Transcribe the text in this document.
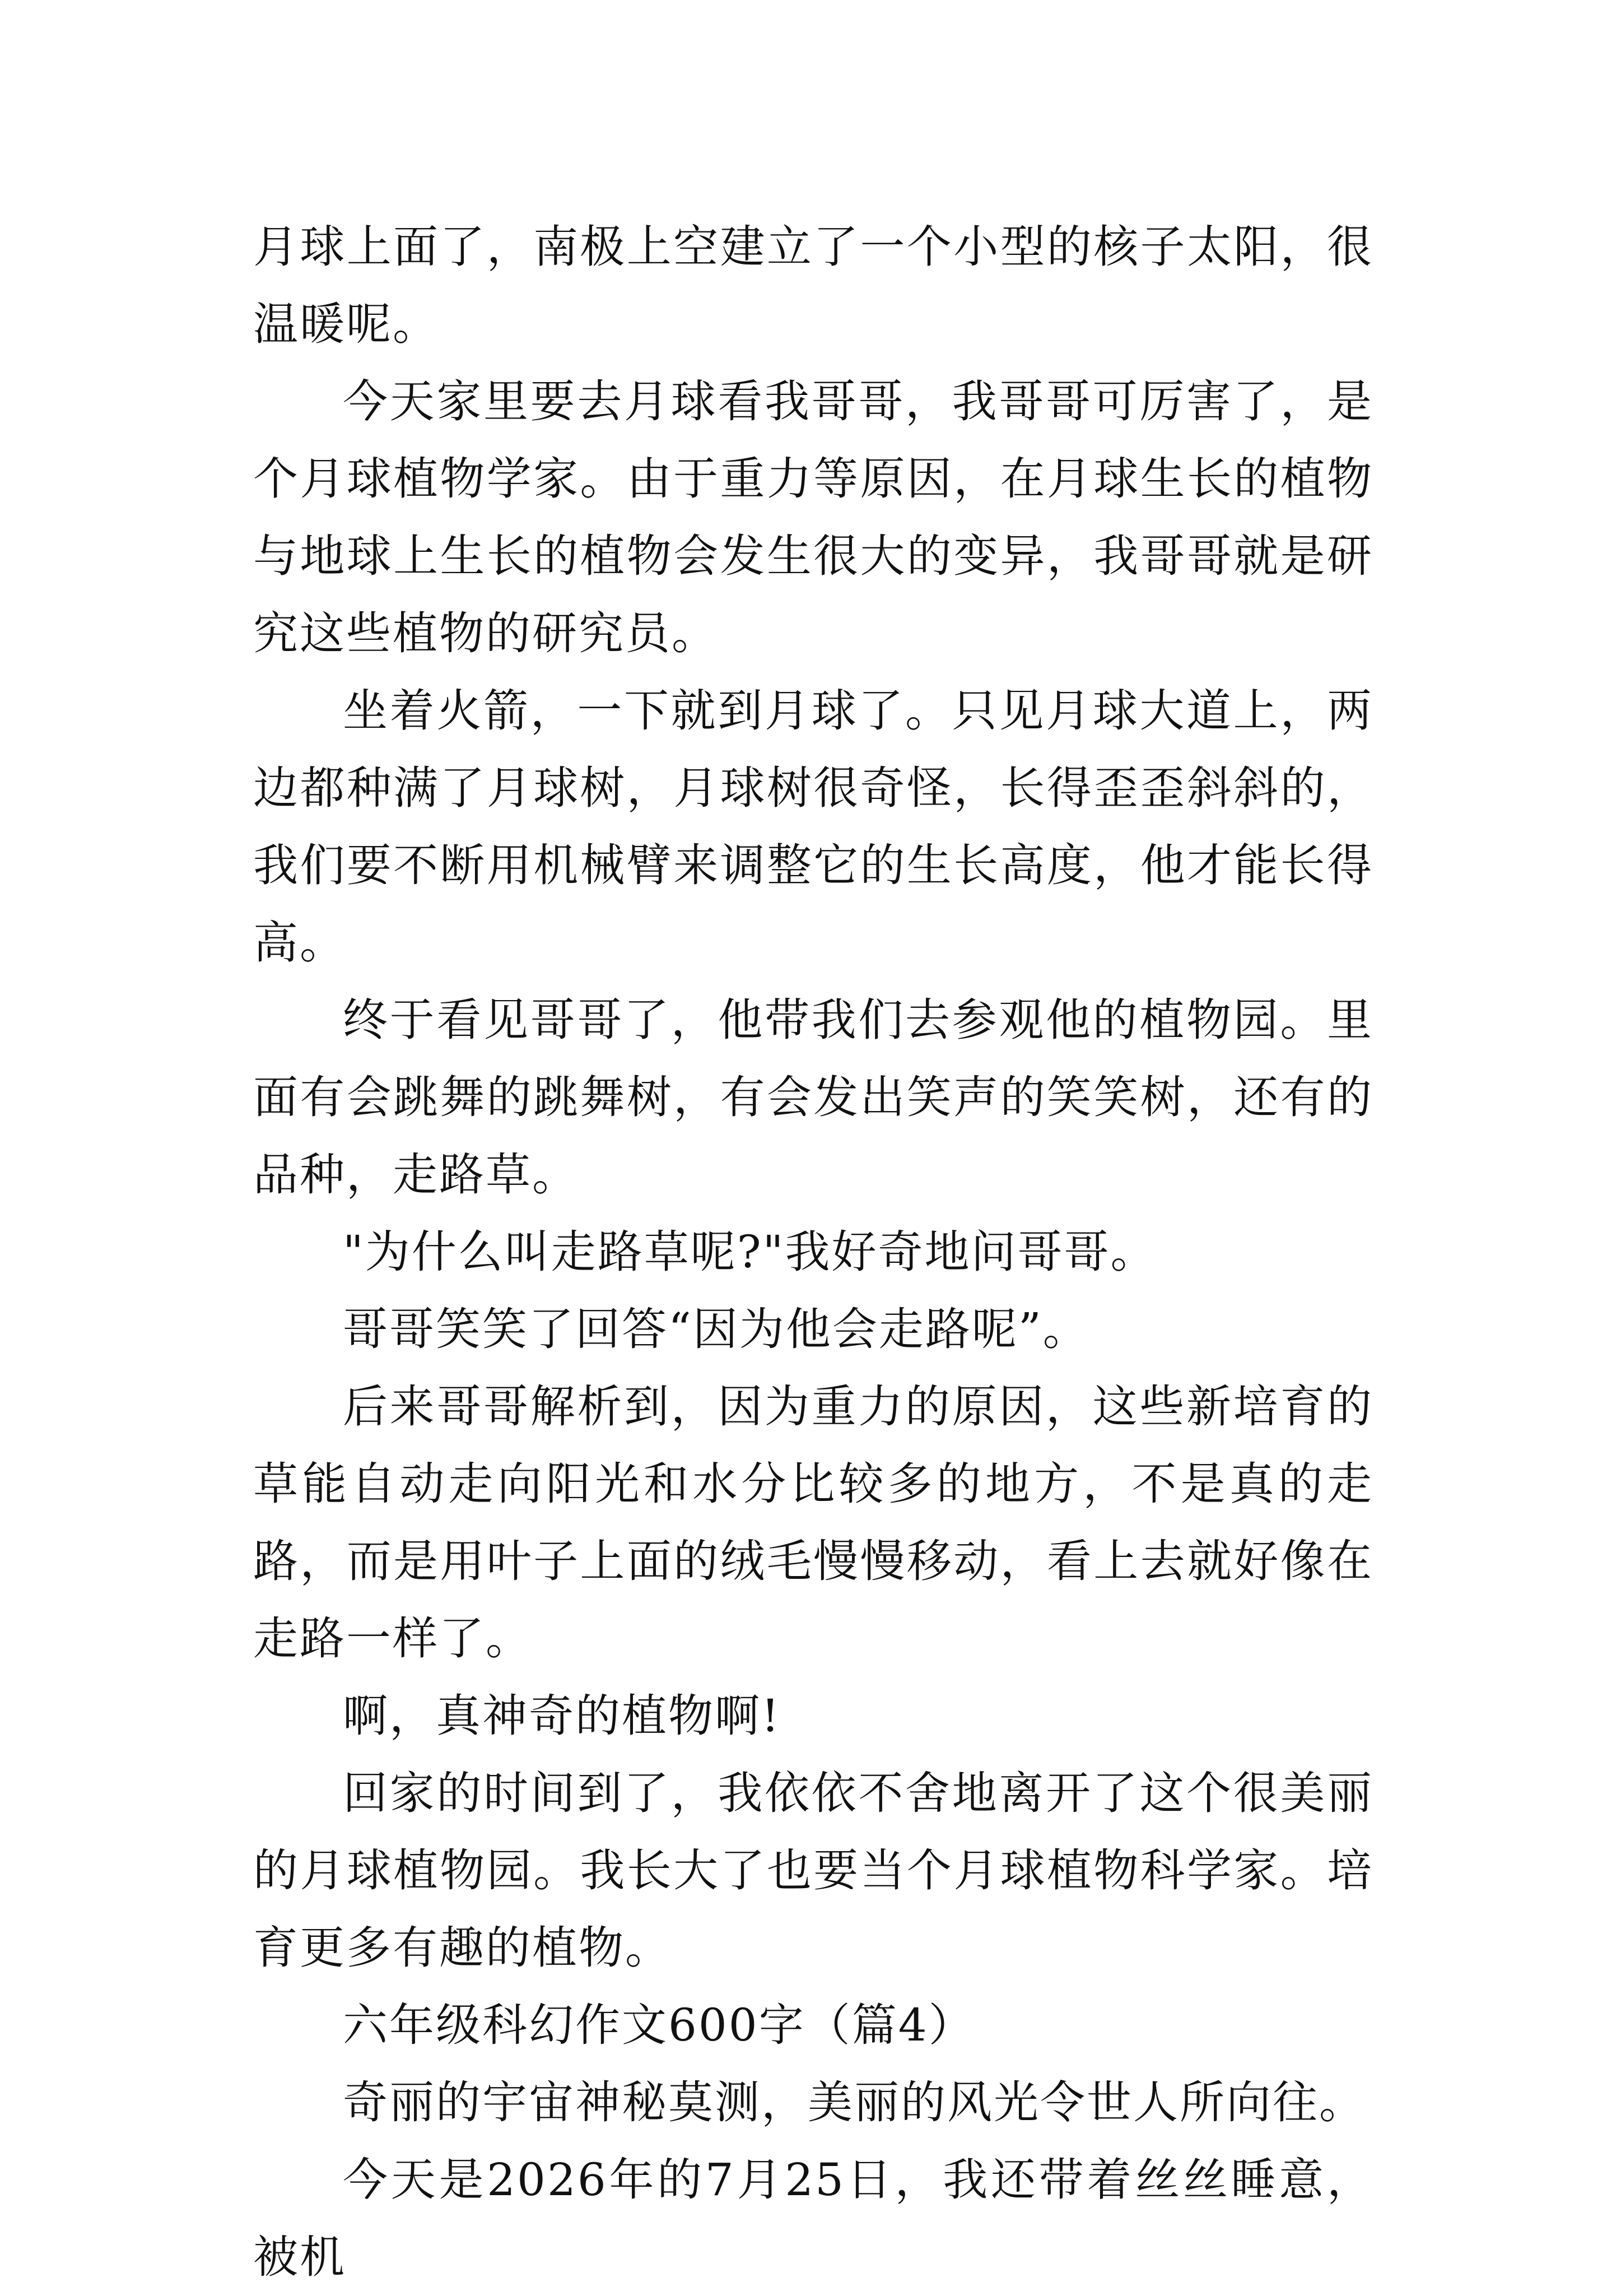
月球上面了，南极上空建立了一个小型的核子太阳，很温暖呢。

今天家里要去月球看我哥哥，我哥哥可厉害了，是个月球植物学家。由于重力等原因，在月球生长的植物与地球上生长的植物会发生很大的变异，我哥哥就是研究这些植物的研究员。

坐着火箭，一下就到月球了。只见月球大道上，两边都种满了月球树，月球树很奇怪，长得歪歪斜斜的，我们要不断用机械臂来调整它的生长高度，他才能长得高。

终于看见哥哥了，他带我们去参观他的植物园。里面有会跳舞的跳舞树，有会发出笑声的笑笑树，还有的品种，走路草。

"为什么叫走路草呢?"我好奇地问哥哥。

哥哥笑笑了回答“因为他会走路呢”。

后来哥哥解析到，因为重力的原因，这些新培育的草能自动走向阳光和水分比较多的地方，不是真的走路，而是用叶子上面的绒毛慢慢移动，看上去就好像在走路一样了。

啊，真神奇的植物啊!

回家的时间到了，我依依不舍地离开了这个很美丽的月球植物园。我长大了也要当个月球植物科学家。培育更多有趣的植物。

六年级科幻作文600字（篇4）

奇丽的宇宙神秘莫测，美丽的风光令世人所向往。

今天是2026年的7月25日，我还带着丝丝睡意，被机
